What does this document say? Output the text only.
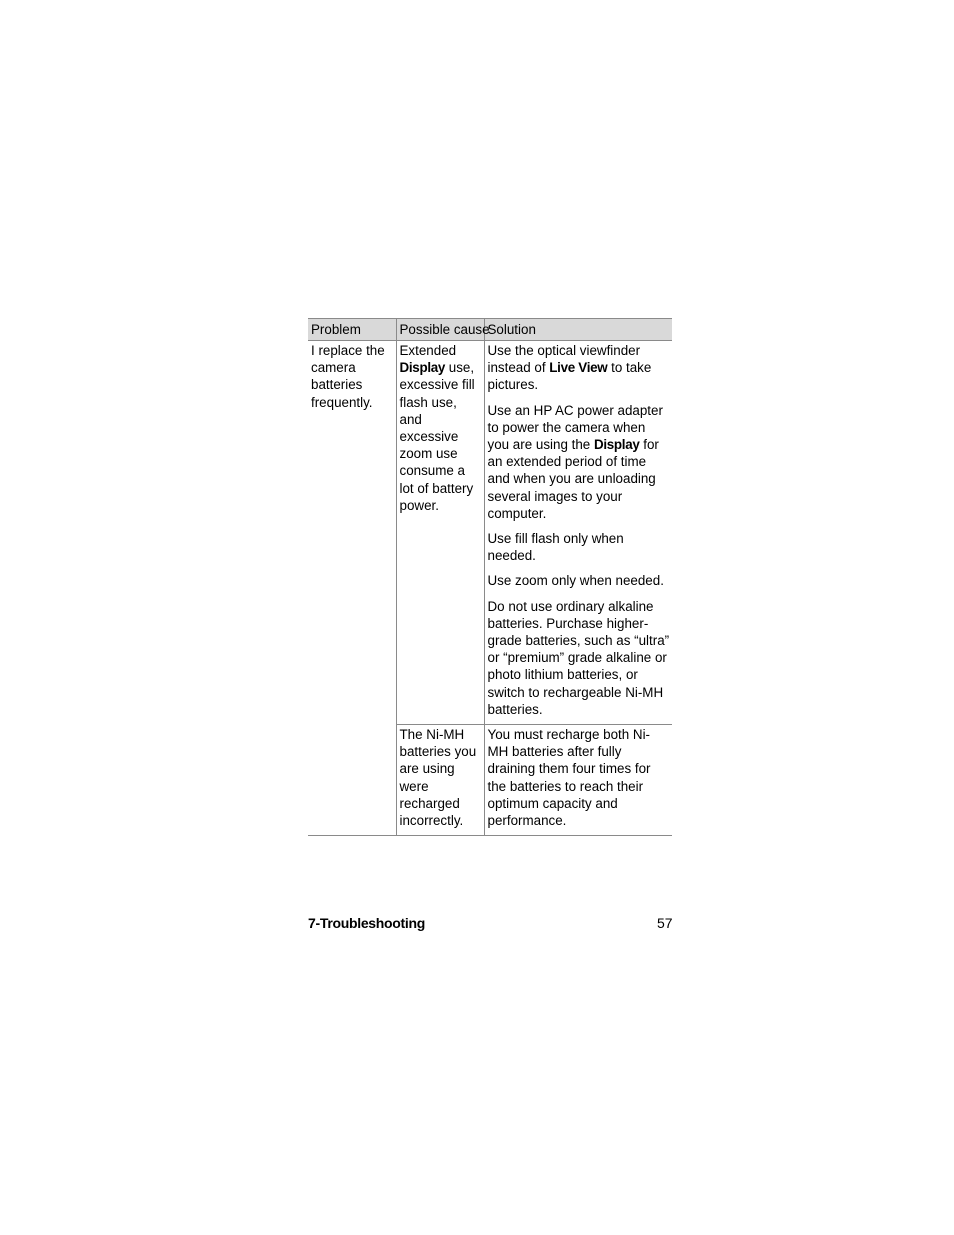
Problem	Possible cause	Solution

I replace the camera batteries frequently.	Extended Display use, excessive fill flash use, and excessive zoom use consume a lot of battery power.	Use the optical viewfinder instead of Live View to take pictures.

Use an HP AC power adapter to power the camera when you are using the Display for an extended period of time and when you are unloading several images to your computer.

Use fill flash only when needed.

Use zoom only when needed.

Do not use ordinary alkaline batteries. Purchase higher-grade batteries, such as “ultra” or “premium” grade alkaline or photo lithium batteries, or switch to rechargeable Ni-MH batteries.

	The Ni-MH batteries you are using were recharged incorrectly.	You must recharge both Ni-MH batteries after fully draining them four times for the batteries to reach their optimum capacity and performance.

7-Troubleshooting	57
